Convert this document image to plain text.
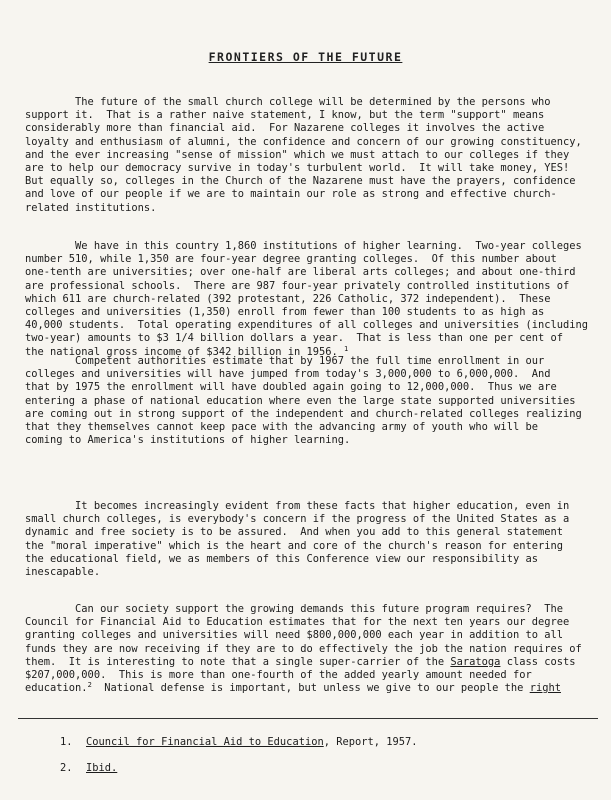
FRONTIERS OF THE FUTURE
The future of the small church college will be determined by the persons who
support it.  That is a rather naive statement, I know, but the term "support" means
considerably more than financial aid.  For Nazarene colleges it involves the active
loyalty and enthusiasm of alumni, the confidence and concern of our growing constituency,
and the ever increasing "sense of mission" which we must attach to our colleges if they
are to help our democracy survive in today's turbulent world.  It will take money, YES!
But equally so, colleges in the Church of the Nazarene must have the prayers, confidence
and love of our people if we are to maintain our role as strong and effective church-
related institutions.
We have in this country 1,860 institutions of higher learning.  Two-year colleges
number 510, while 1,350 are four-year degree granting colleges.  Of this number about
one-tenth are universities; over one-half are liberal arts colleges; and about one-third
are professional schools.  There are 987 four-year privately controlled institutions of
which 611 are church-related (392 protestant, 226 Catholic, 372 independent).  These
colleges and universities (1,350) enroll from fewer than 100 students to as high as
40,000 students.  Total operating expenditures of all colleges and universities (including
two-year) amounts to $3 1/4 billion dollars a year.  That is less than one per cent of
the national gross income of $342 billion in 1956. $^1$
Competent authorities estimate that by 1967 the full time enrollment in our
colleges and universities will have jumped from today's 3,000,000 to 6,000,000.  And
that by 1975 the enrollment will have doubled again going to 12,000,000.  Thus we are
entering a phase of national education where even the large state supported universities
are coming out in strong support of the independent and church-related colleges realizing
that they themselves cannot keep pace with the advancing army of youth who will be
coming to America's institutions of higher learning.
It becomes increasingly evident from these facts that higher education, even in
small church colleges, is everybody's concern if the progress of the United States as a
dynamic and free society is to be assured.  And when you add to this general statement
the "moral imperative" which is the heart and core of the church's reason for entering
the educational field, we as members of this Conference view our responsibility as
inescapable.
Can our society support the growing demands this future program requires?  The
Council for Financial Aid to Education estimates that for the next ten years our degree
granting colleges and universities will need $800,000,000 each year in addition to all
funds they are now receiving if they are to do effectively the job the nation requires of
them.  It is interesting to note that a single super-carrier of the Saratoga class costs
$207,000,000.  This is more than one-fourth of the added yearly amount needed for
education.$^2$  National defense is important, but unless we give to our people the right
1. Council for Financial Aid to Education, Report, 1957.
2. Ibid.
